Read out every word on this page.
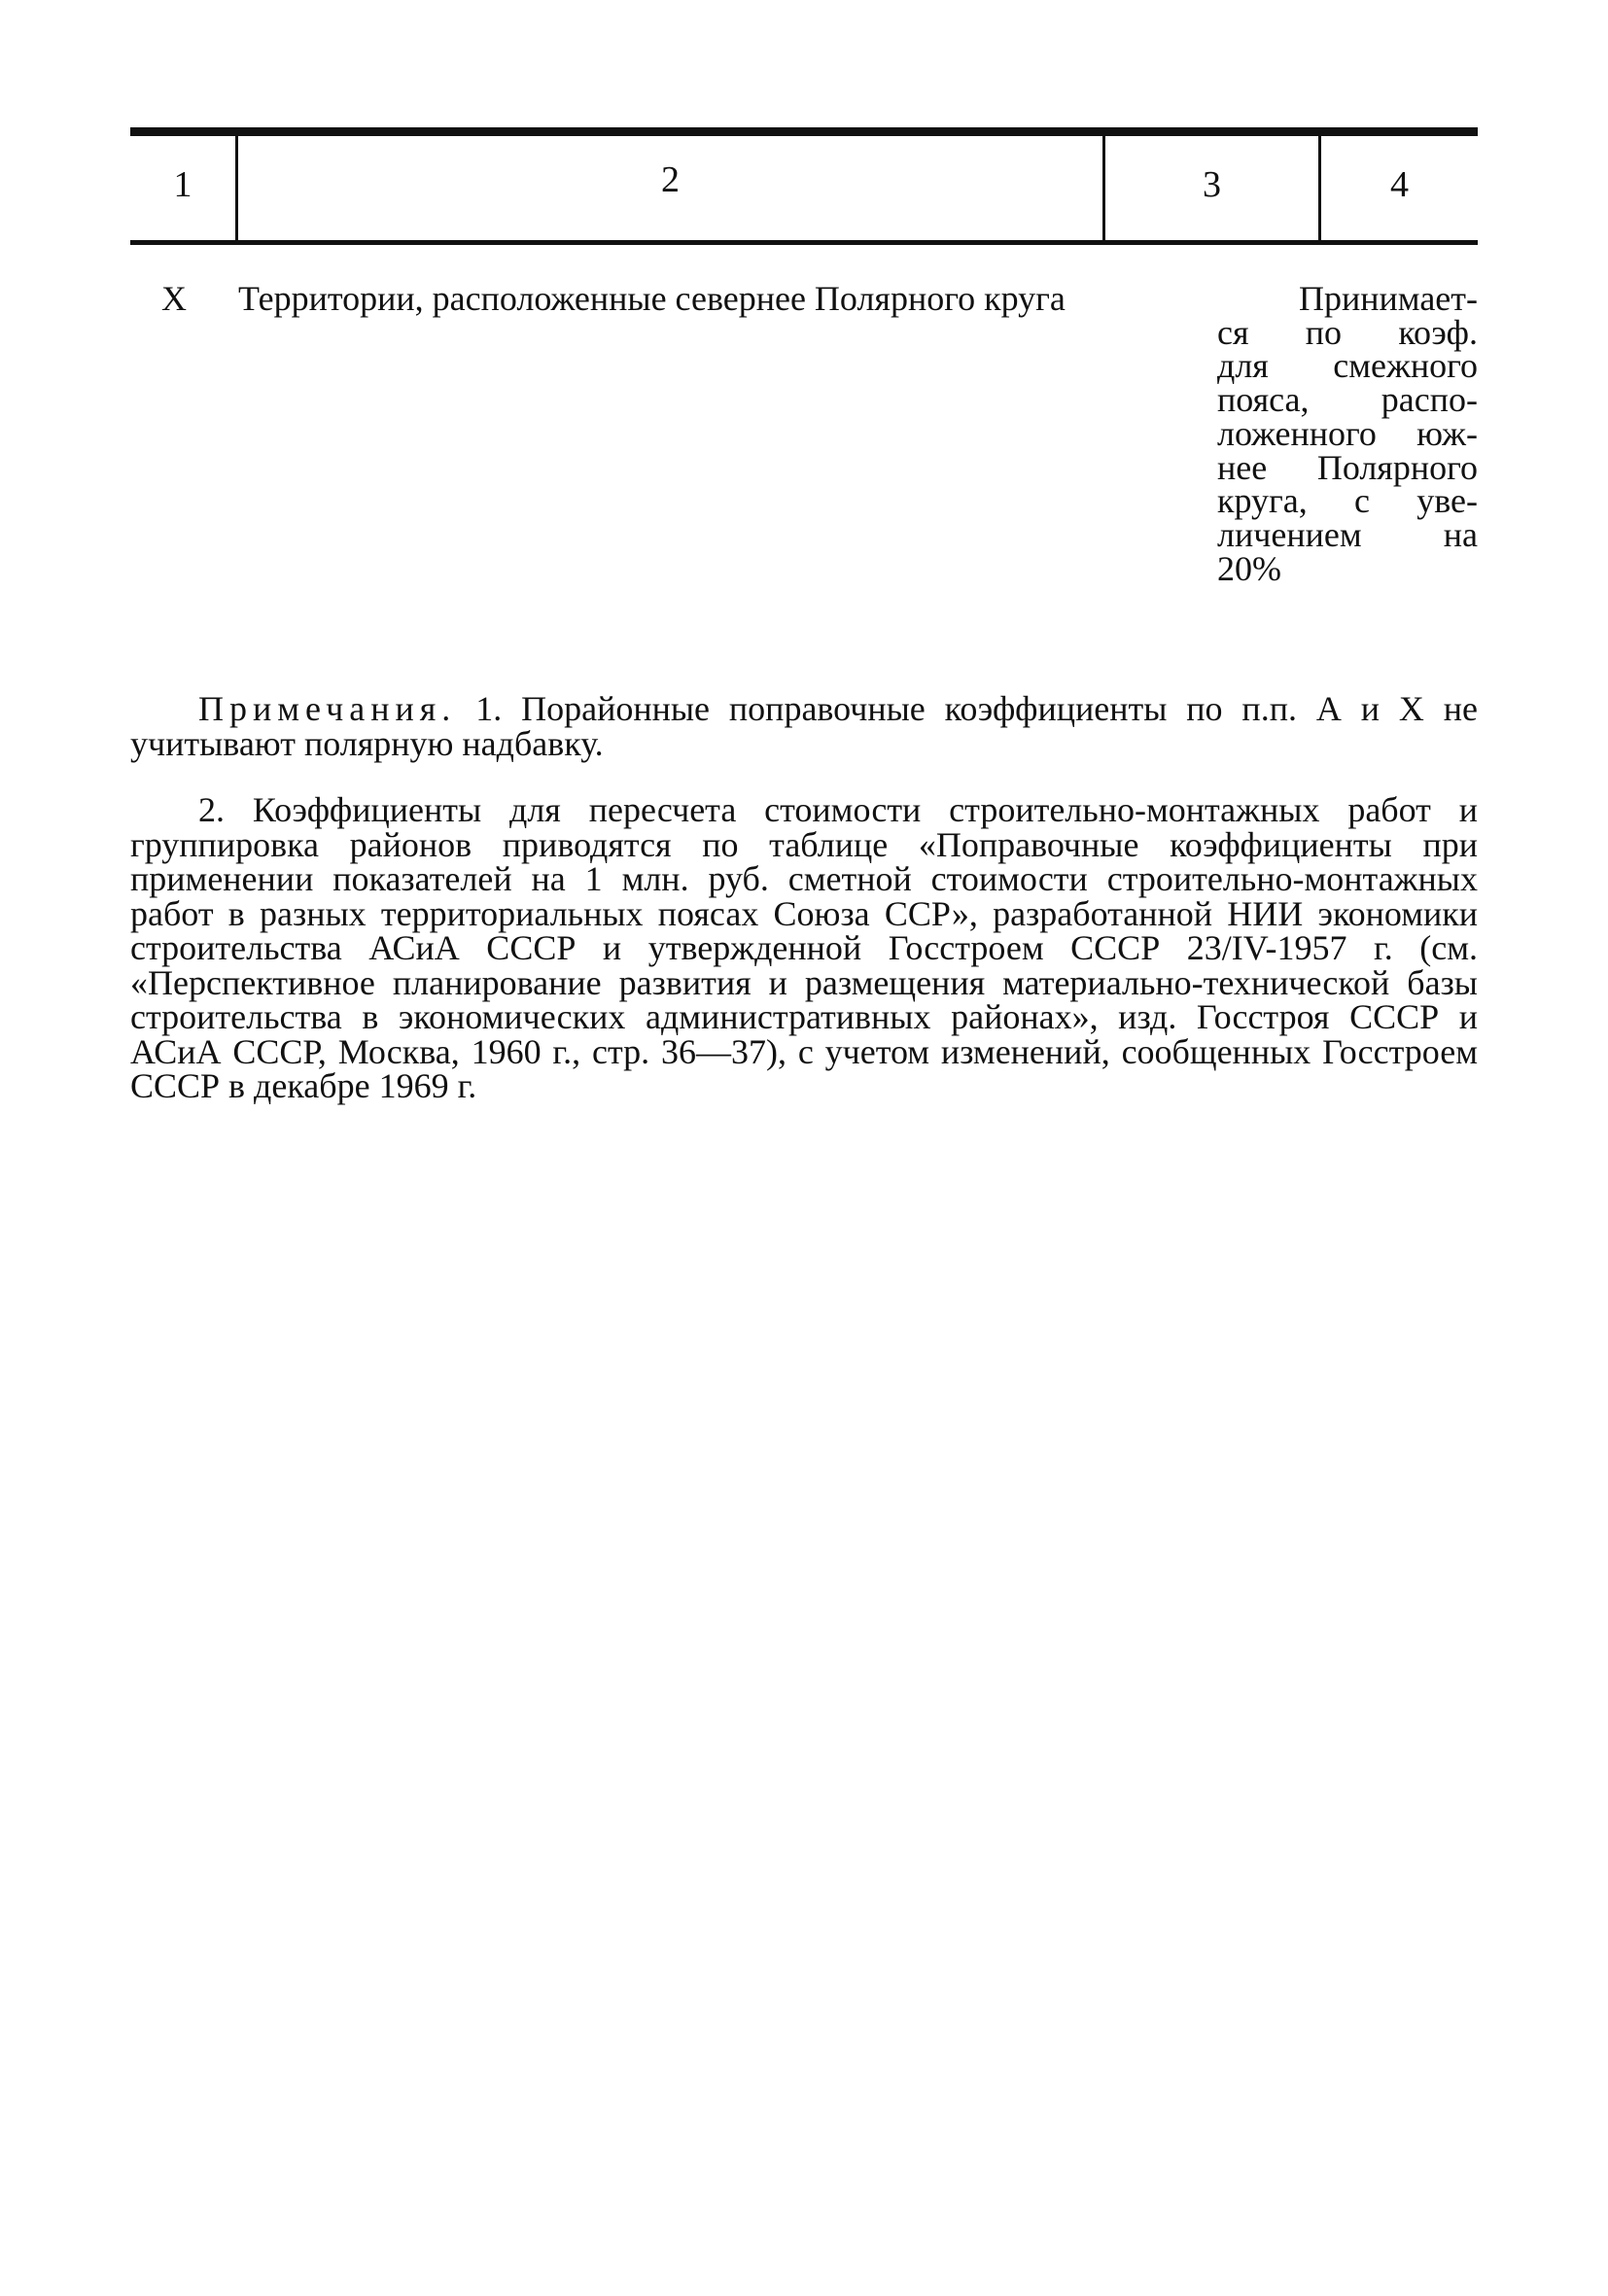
1	2	3	4
X Территории, расположенные севернее Полярного круга	Принимает-
ся по коэф.
для смежного
пояса, распо-
ложенного юж-
нее Полярного
круга, с уве-
личением на
20%

Примечания. 1. Порайонные поправочные коэффициенты по п.п. А и X не учитывают полярную надбавку.

2. Коэффициенты для пересчета стоимости строительно-монтажных работ и группировка районов приводятся по таблице «Поправочные коэффициенты при применении показателей на 1 млн. руб. сметной стоимости строительно-монтажных работ в разных территориальных поясах Союза ССР», разработанной НИИ экономики строительства АСиА СССР и утвержденной Госстроем СССР 23/IV-1957 г. (см. «Перспективное планирование развития и размещения материально-технической базы строительства в экономических административных районах», изд. Госстроя СССР и АСиА СССР, Москва, 1960 г., стр. 36—37), с учетом изменений, сообщенных Госстроем СССР в декабре 1969 г.
